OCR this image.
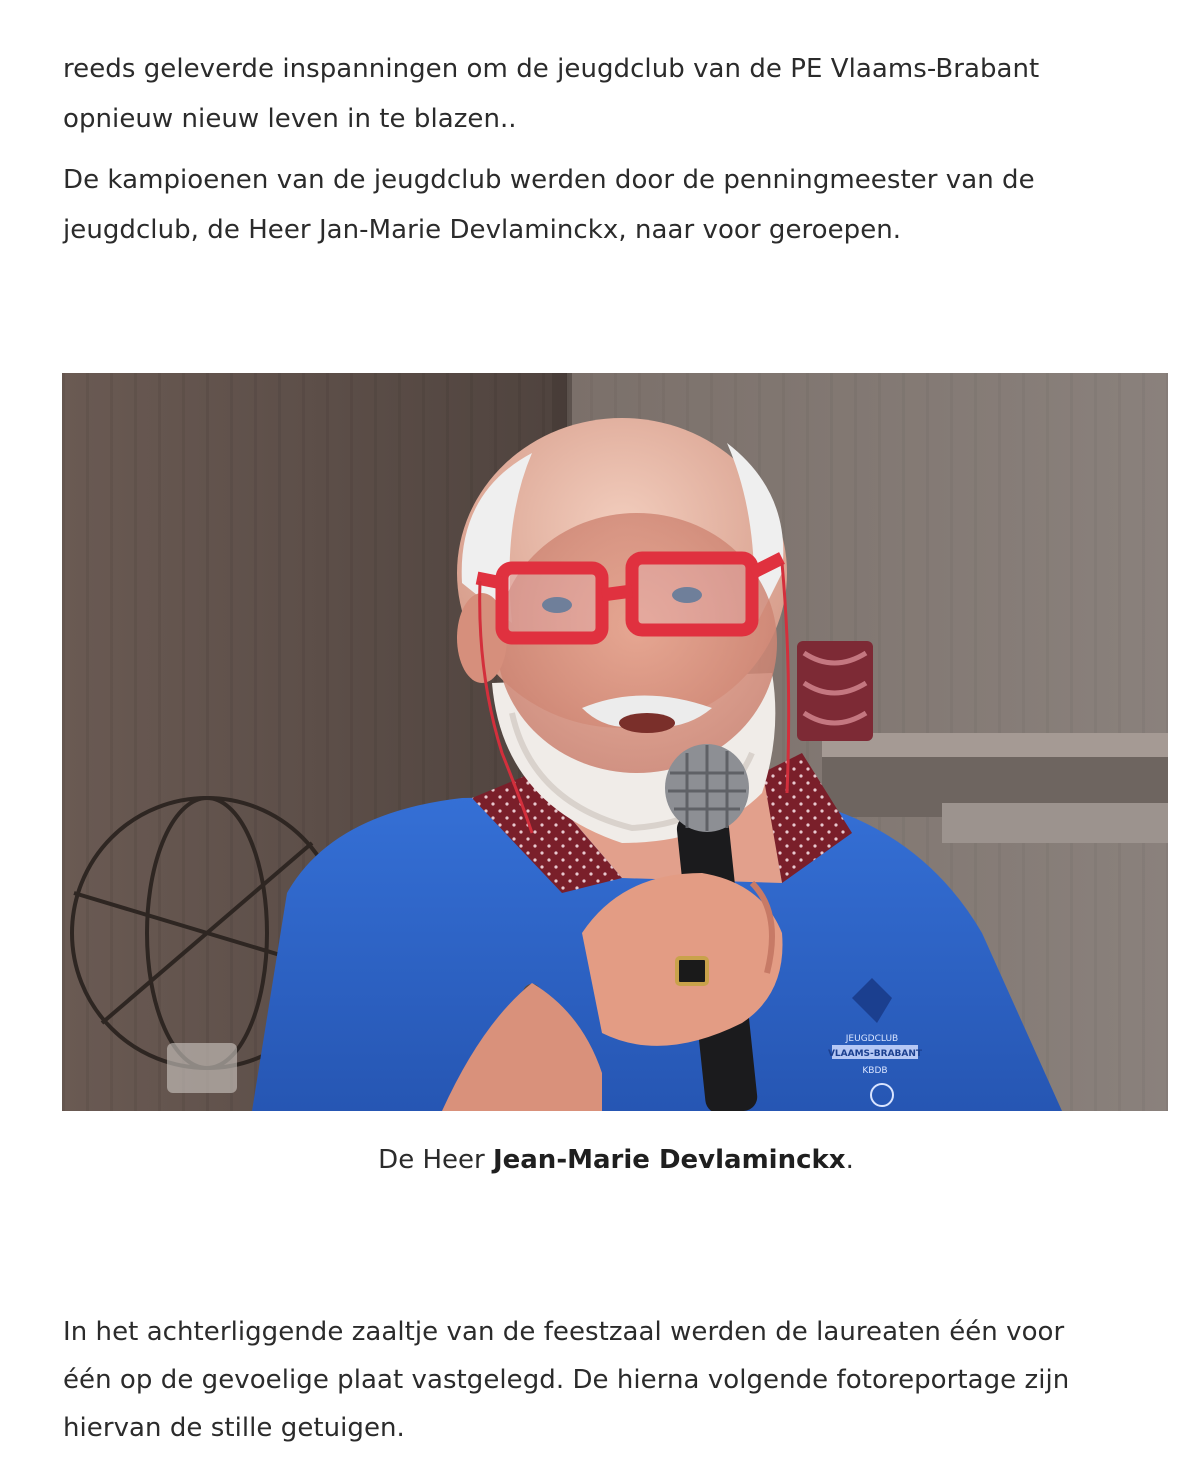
reeds geleverde inspanningen om de jeugdclub van de PE Vlaams-Brabant
opnieuw nieuw leven in te blazen..
De kampioenen van de jeugdclub werden door de penningmeester van de
jeugdclub, de Heer Jan-Marie Devlaminckx, naar voor geroepen.
JEUGDCLUB
VLAAMS-BRABANT
KBDB

De Heer Jean-Marie Devlaminckx.

In het achterliggende zaaltje van de feestzaal werden de laureaten één voor
één op de gevoelige plaat vastgelegd. De hierna volgende fotoreportage zijn
hiervan de stille getuigen.
